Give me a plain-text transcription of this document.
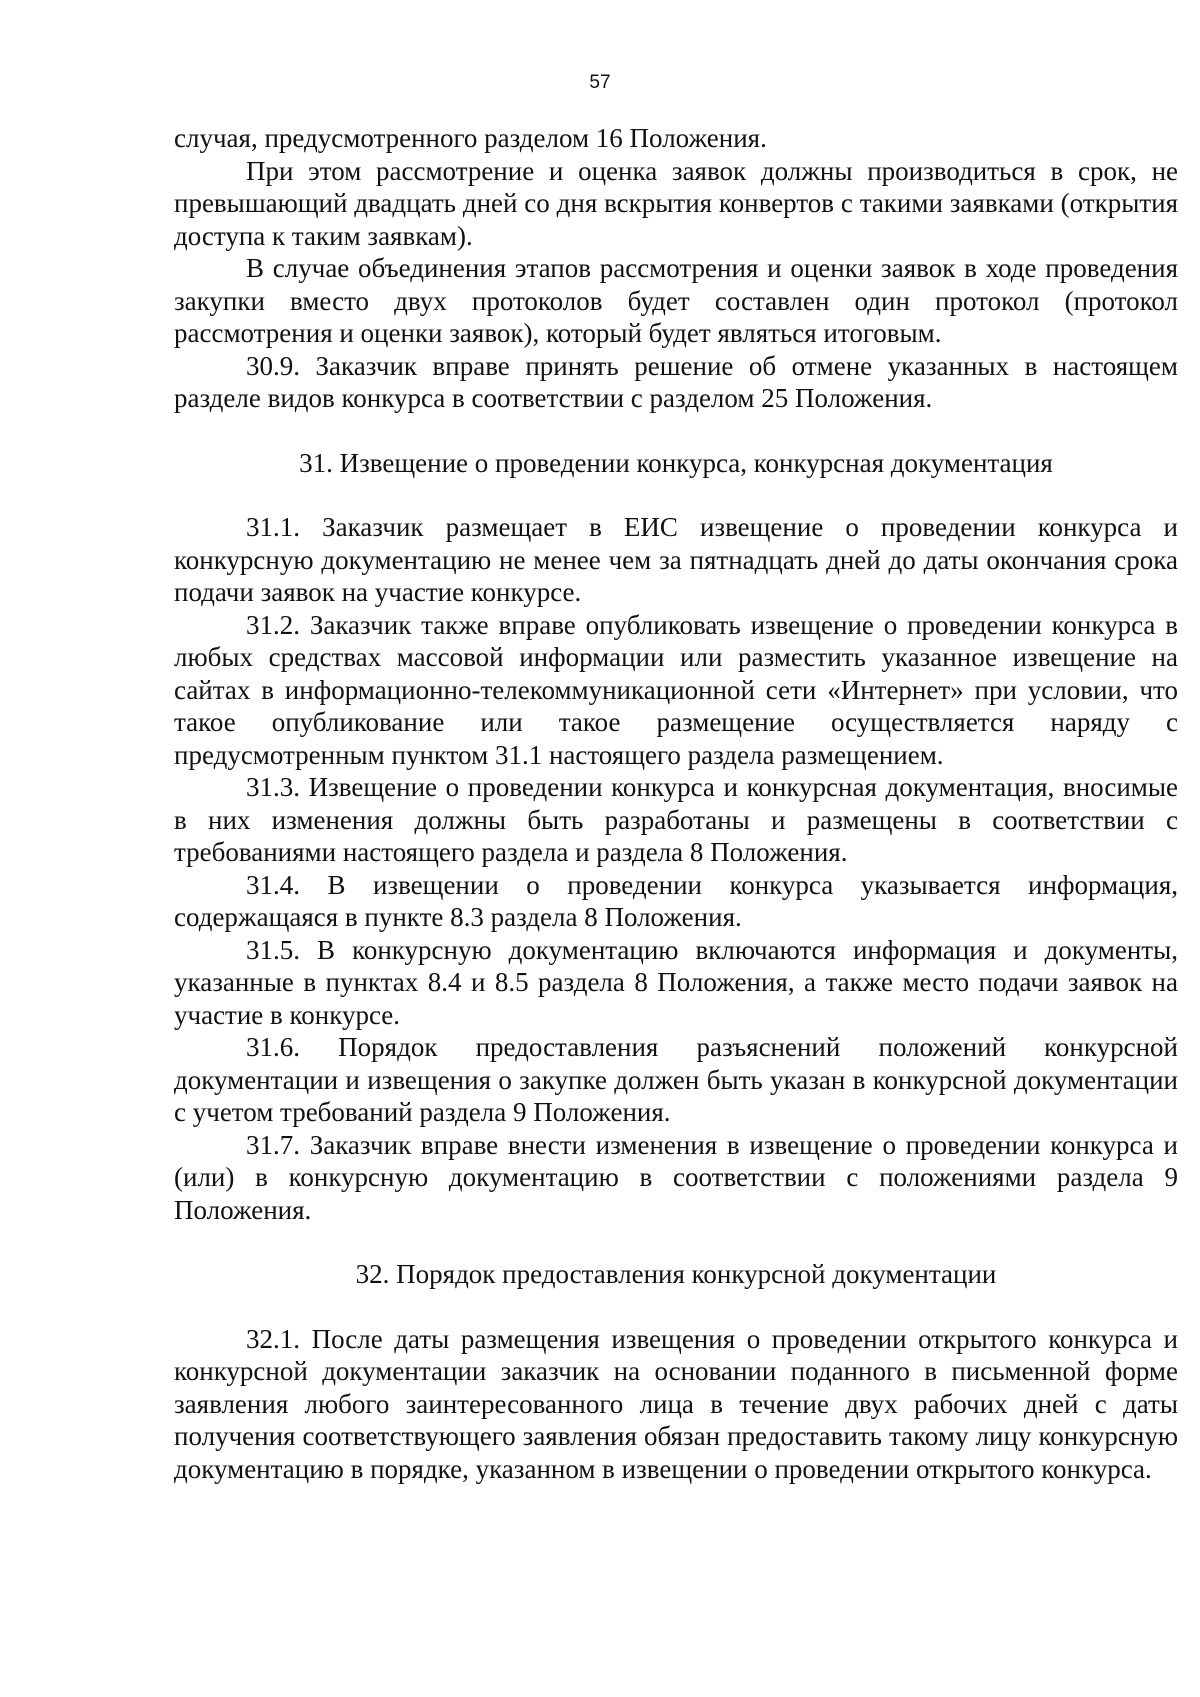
57

случая, предусмотренного разделом 16 Положения.

При этом рассмотрение и оценка заявок должны производиться в срок, не превышающий двадцать дней со дня вскрытия конвертов с такими заявками (открытия доступа к таким заявкам).

В случае объединения этапов рассмотрения и оценки заявок в ходе проведения закупки вместо двух протоколов будет составлен один протокол (протокол рассмотрения и оценки заявок), который будет являться итоговым.

30.9. Заказчик вправе принять решение об отмене указанных в настоящем разделе видов конкурса в соответствии с разделом 25 Положения.

31. Извещение о проведении конкурса, конкурсная документация

31.1. Заказчик размещает в ЕИС извещение о проведении конкурса и конкурсную документацию не менее чем за пятнадцать дней до даты окончания срока подачи заявок на участие конкурсе.

31.2. Заказчик также вправе опубликовать извещение о проведении конкурса в любых средствах массовой информации или разместить указанное извещение на сайтах в информационно-телекоммуникационной сети «Интернет» при условии, что такое опубликование или такое размещение осуществляется наряду с предусмотренным пунктом 31.1 настоящего раздела размещением.

31.3. Извещение о проведении конкурса и конкурсная документация, вносимые в них изменения должны быть разработаны и размещены в соответствии с требованиями настоящего раздела и раздела 8 Положения.

31.4. В извещении о проведении конкурса указывается информация, содержащаяся в пункте 8.3 раздела 8 Положения.

31.5. В конкурсную документацию включаются информация и документы, указанные в пунктах 8.4 и 8.5 раздела 8 Положения, а также место подачи заявок на участие в конкурсе.

31.6. Порядок предоставления разъяснений положений конкурсной документации и извещения о закупке должен быть указан в конкурсной документации с учетом требований раздела 9 Положения.

31.7. Заказчик вправе внести изменения в извещение о проведении конкурса и (или) в конкурсную документацию в соответствии с положениями раздела 9 Положения.

32. Порядок предоставления конкурсной документации

32.1. После даты размещения извещения о проведении открытого конкурса и конкурсной документации заказчик на основании поданного в письменной форме заявления любого заинтересованного лица в течение двух рабочих дней с даты получения соответствующего заявления обязан предоставить такому лицу конкурсную документацию в порядке, указанном в извещении о проведении открытого конкурса.
